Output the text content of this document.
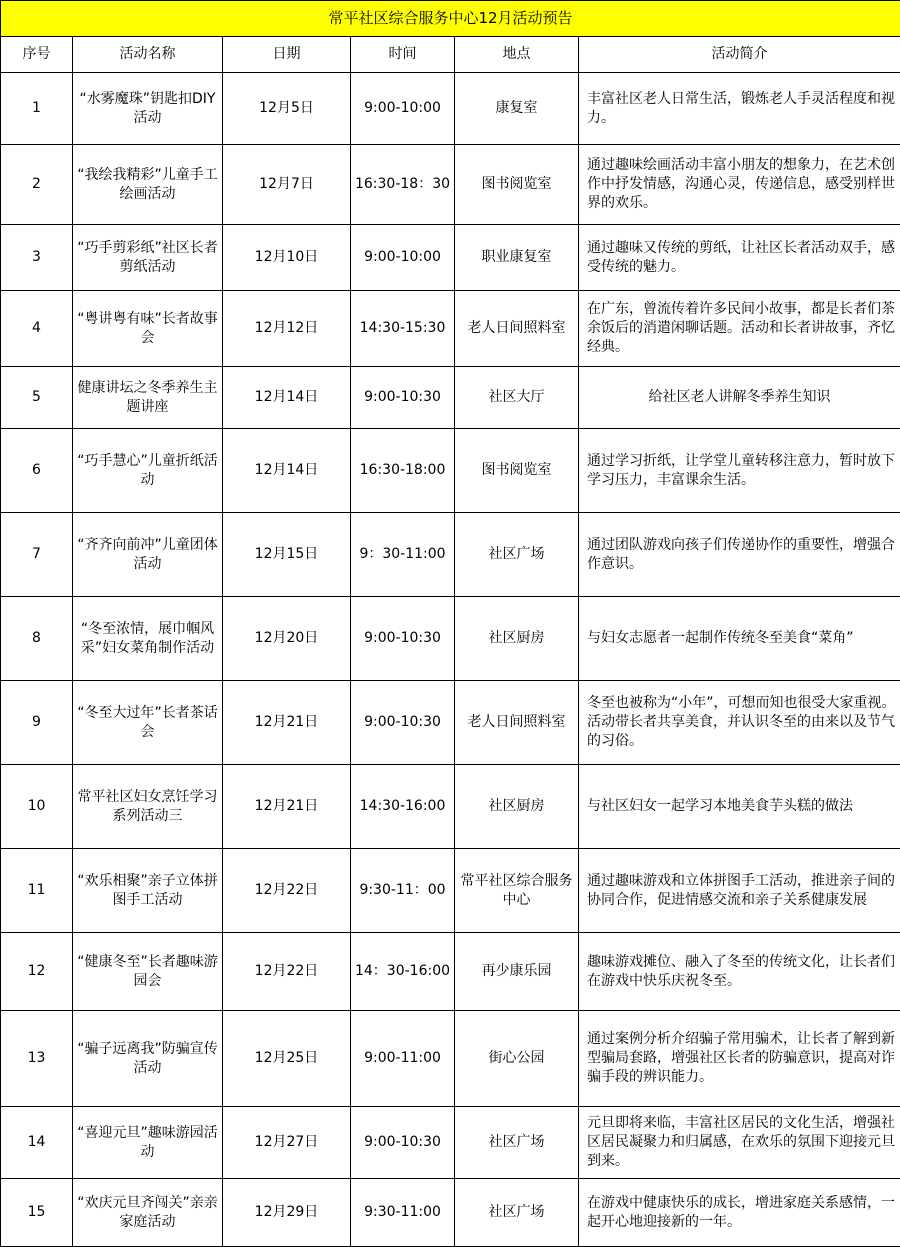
常平社区综合服务中心12月活动预告					
序号	活动名称	日期	时间	地点	活动简介
1	“水雾魔珠”钥匙扣DIY活动	12月5日	9:00-10:00	康复室	丰富社区老人日常生活，锻炼老人手灵活程度和视力。
2	“我绘我精彩”儿童手工绘画活动	12月7日	16:30-18：30	图书阅览室	通过趣味绘画活动丰富小朋友的想象力，在艺术创作中抒发情感，沟通心灵，传递信息，感受别样世界的欢乐。
3	“巧手剪彩纸”社区长者剪纸活动	12月10日	9:00-10:00	职业康复室	通过趣味又传统的剪纸，让社区长者活动双手，感受传统的魅力。
4	“粤讲粤有味”长者故事会	12月12日	14:30-15:30	老人日间照料室	在广东，曾流传着许多民间小故事，都是长者们茶余饭后的消遣闲聊话题。活动和长者讲故事，齐忆经典。
5	健康讲坛之冬季养生主题讲座	12月14日	9:00-10:30	社区大厅	给社区老人讲解冬季养生知识
6	“巧手慧心”儿童折纸活动	12月14日	16:30-18:00	图书阅览室	通过学习折纸，让学堂儿童转移注意力，暂时放下学习压力，丰富课余生活。
7	“齐齐向前冲”儿童团体活动	12月15日	9：30-11:00	社区广场	通过团队游戏向孩子们传递协作的重要性，增强合作意识。
8	“冬至浓情，展巾帼风采”妇女菜角制作活动	12月20日	9:00-10:30	社区厨房	与妇女志愿者一起制作传统冬至美食“菜角”
9	“冬至大过年”长者茶话会	12月21日	9:00-10:30	老人日间照料室	冬至也被称为“小年”，可想而知也很受大家重视。活动带长者共享美食，并认识冬至的由来以及节气的习俗。
10	常平社区妇女烹饪学习系列活动三	12月21日	14:30-16:00	社区厨房	与社区妇女一起学习本地美食芋头糕的做法
11	“欢乐相聚”亲子立体拼图手工活动	12月22日	9:30-11：00	常平社区综合服务中心	通过趣味游戏和立体拼图手工活动，推进亲子间的协同合作，促进情感交流和亲子关系健康发展
12	“健康冬至”长者趣味游园会	12月22日	14：30-16:00	再少康乐园	趣味游戏摊位、融入了冬至的传统文化，让长者们在游戏中快乐庆祝冬至。
13	“骗子远离我”防骗宣传活动	12月25日	9:00-11:00	街心公园	通过案例分析介绍骗子常用骗术，让长者了解到新型骗局套路，增强社区长者的防骗意识，提高对诈骗手段的辨识能力。
14	“喜迎元旦”趣味游园活动	12月27日	9:00-10:30	社区广场	元旦即将来临，丰富社区居民的文化生活，增强社区居民凝聚力和归属感，在欢乐的氛围下迎接元旦到来。
15	“欢庆元旦齐闯关”亲亲家庭活动	12月29日	9:30-11:00	社区广场	在游戏中健康快乐的成长，增进家庭关系感情，一起开心地迎接新的一年。
